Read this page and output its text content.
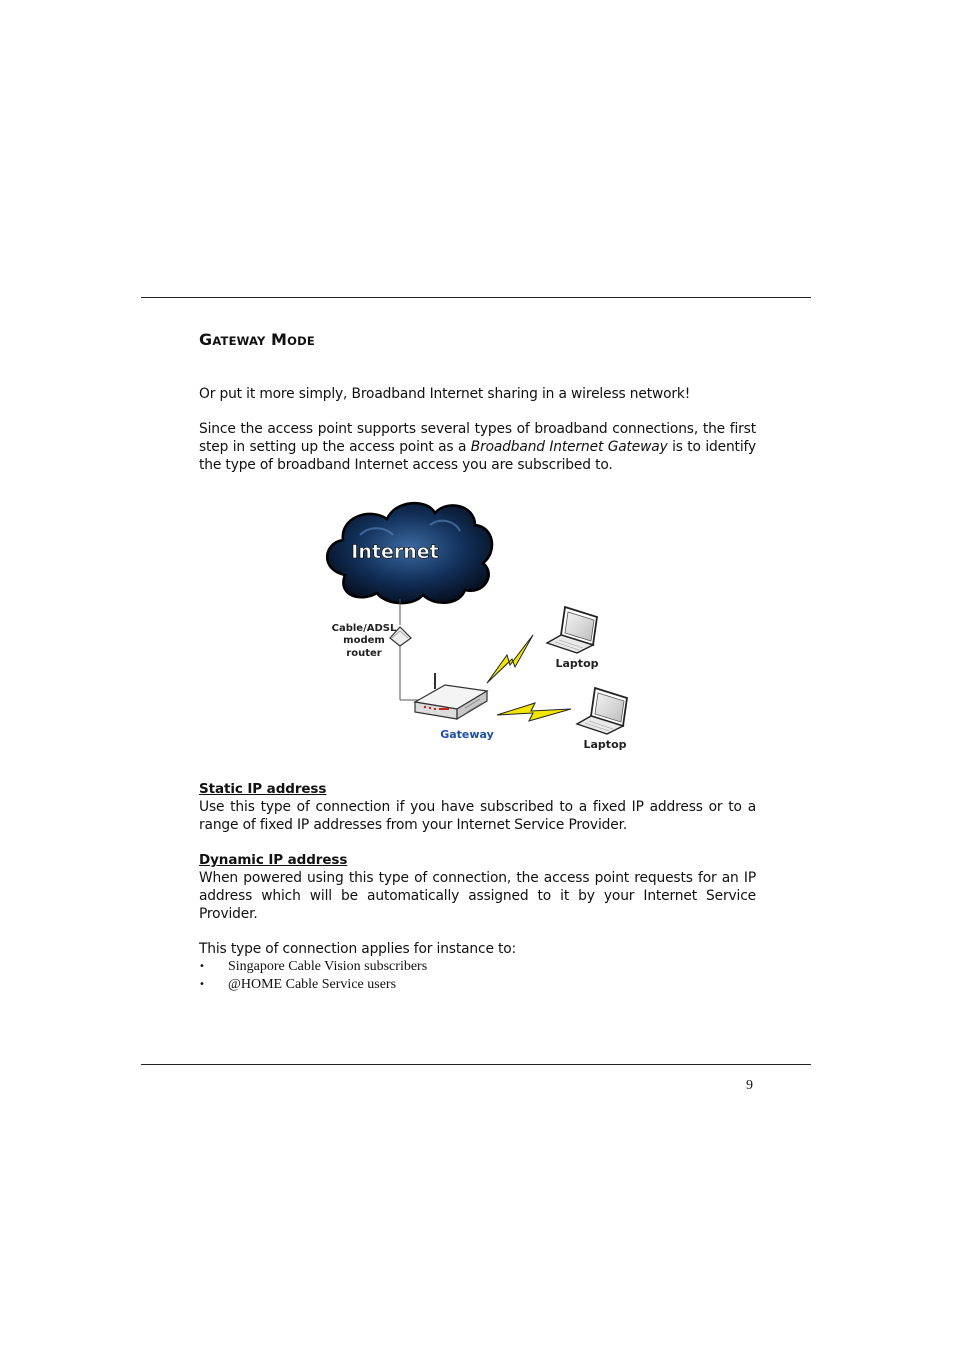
GATEWAY MODE

Or put it more simply, Broadband Internet sharing in a wireless network!

Since the access point supports several types of broadband connections, the first step in setting up the access point as a Broadband Internet Gateway is to identify the type of broadband Internet access you are subscribed to.

Internet
Cable/ADSL
modem
router
Gateway
Laptop
Laptop
Static IP address

Use this type of connection if you have subscribed to a fixed IP address or to a range of fixed IP addresses from your Internet Service Provider.

Dynamic IP address

When powered using this type of connection, the access point requests for an IP address which will be automatically assigned to it by your Internet Service Provider.

This type of connection applies for instance to:

• Singapore Cable Vision subscribers
• @HOME Cable Service users
9
